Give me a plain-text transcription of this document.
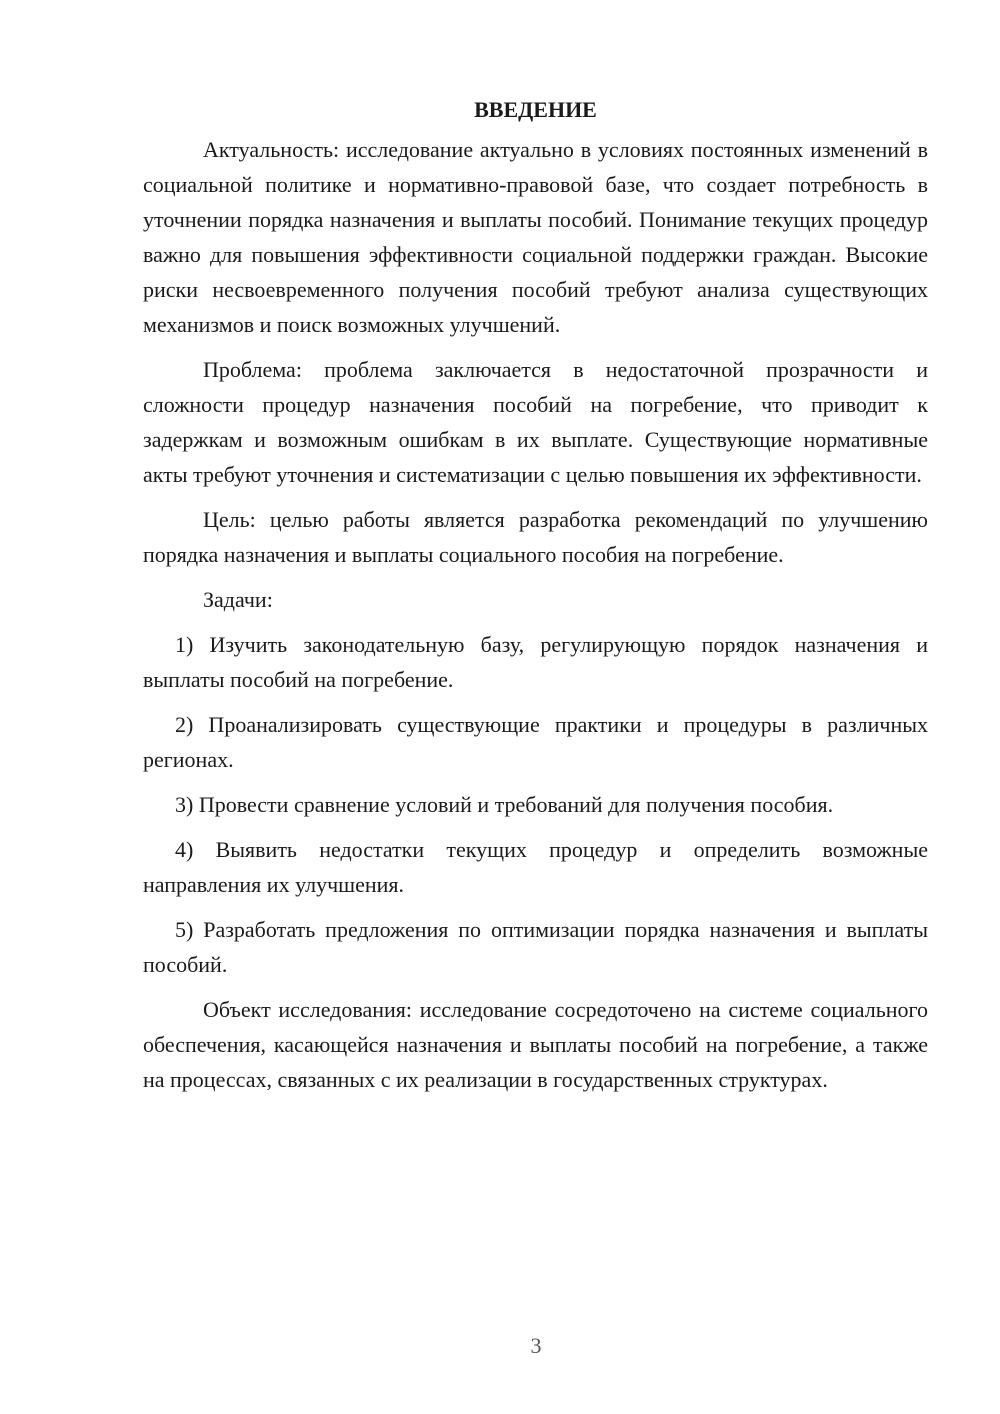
ВВЕДЕНИЕ

Актуальность: исследование актуально в условиях постоянных изменений в социальной политике и нормативно-правовой базе, что создает потребность в уточнении порядка назначения и выплаты пособий. Понимание текущих процедур важно для повышения эффективности социальной поддержки граждан. Высокие риски несвоевременного получения пособий требуют анализа существующих механизмов и поиск возможных улучшений.

Проблема: проблема заключается в недостаточной прозрачности и сложности процедур назначения пособий на погребение, что приводит к задержкам и возможным ошибкам в их выплате. Существующие нормативные акты требуют уточнения и систематизации с целью повышения их эффективности.

Цель: целью работы является разработка рекомендаций по улучшению порядка назначения и выплаты социального пособия на погребение.

Задачи:

1) Изучить законодательную базу, регулирующую порядок назначения и выплаты пособий на погребение.

2) Проанализировать существующие практики и процедуры в различных регионах.

3) Провести сравнение условий и требований для получения пособия.

4) Выявить недостатки текущих процедур и определить возможные направления их улучшения.

5) Разработать предложения по оптимизации порядка назначения и выплаты пособий.

Объект исследования: исследование сосредоточено на системе социального обеспечения, касающейся назначения и выплаты пособий на погребение, а также на процессах, связанных с их реализации в государственных структурах.

3
